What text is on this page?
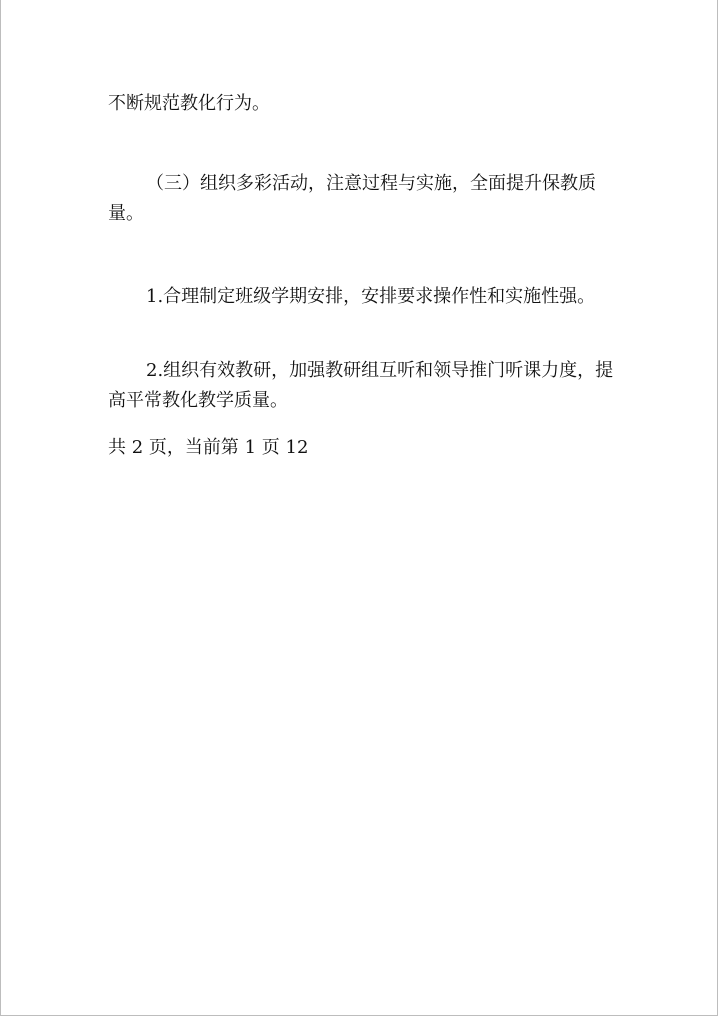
不断规范教化行为。

（三）组织多彩活动，注意过程与实施，全面提升保教质量。

1.合理制定班级学期安排，安排要求操作性和实施性强。

2.组织有效教研，加强教研组互听和领导推门听课力度，提高平常教化教学质量。

共 2 页，当前第 1 页 12
